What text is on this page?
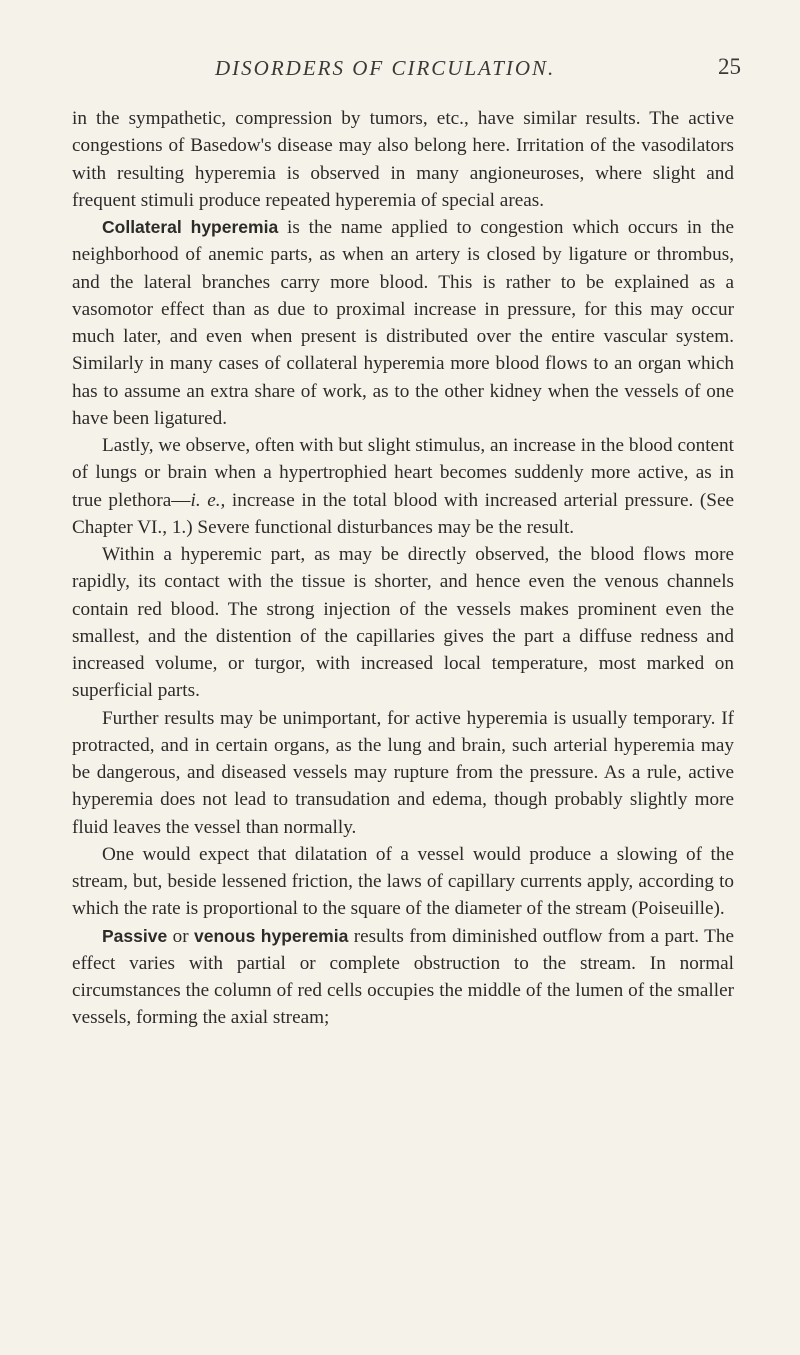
DISORDERS OF CIRCULATION.	25

in the sympathetic, compression by tumors, etc., have similar results. The active congestions of Basedow's disease may also belong here. Irritation of the vasodilators with resulting hyperemia is observed in many angioneuroses, where slight and frequent stimuli produce repeated hyperemia of special areas.

Collateral hyperemia is the name applied to congestion which occurs in the neighborhood of anemic parts, as when an artery is closed by ligature or thrombus, and the lateral branches carry more blood. This is rather to be explained as a vasomotor effect than as due to proximal increase in pressure, for this may occur much later, and even when present is distributed over the entire vascular system. Similarly in many cases of collateral hyperemia more blood flows to an organ which has to assume an extra share of work, as to the other kidney when the vessels of one have been ligatured.

Lastly, we observe, often with but slight stimulus, an increase in the blood content of lungs or brain when a hypertrophied heart becomes suddenly more active, as in true plethora—i. e., increase in the total blood with increased arterial pressure. (See Chapter VI., 1.) Severe functional disturbances may be the result.

Within a hyperemic part, as may be directly observed, the blood flows more rapidly, its contact with the tissue is shorter, and hence even the venous channels contain red blood. The strong injection of the vessels makes prominent even the smallest, and the distention of the capillaries gives the part a diffuse redness and increased volume, or turgor, with increased local temperature, most marked on superficial parts.

Further results may be unimportant, for active hyperemia is usually temporary. If protracted, and in certain organs, as the lung and brain, such arterial hyperemia may be dangerous, and diseased vessels may rupture from the pressure. As a rule, active hyperemia does not lead to transudation and edema, though probably slightly more fluid leaves the vessel than normally.

One would expect that dilatation of a vessel would produce a slowing of the stream, but, beside lessened friction, the laws of capillary currents apply, according to which the rate is proportional to the square of the diameter of the stream (Poiseuille).

Passive or venous hyperemia results from diminished outflow from a part. The effect varies with partial or complete obstruction to the stream. In normal circumstances the column of red cells occupies the middle of the lumen of the smaller vessels, forming the axial stream;
